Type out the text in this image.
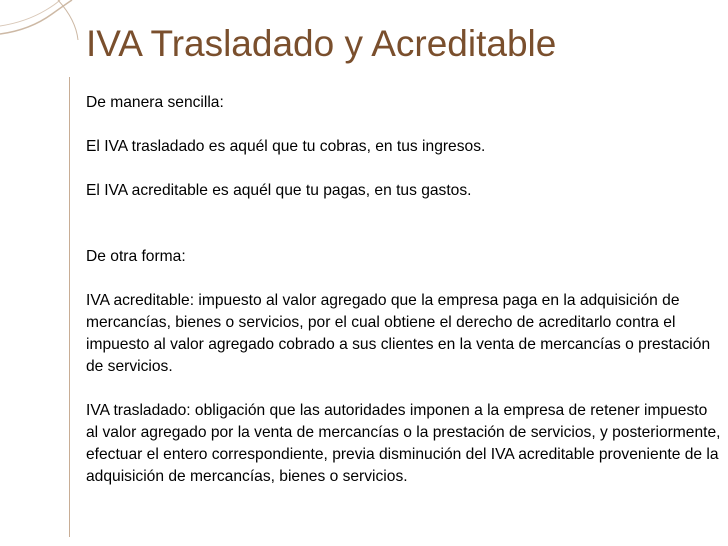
IVA Trasladado y Acreditable

De manera sencilla:

El IVA trasladado es aquél que tu cobras, en tus ingresos.

El IVA acreditable es aquél que tu pagas, en tus gastos.

De otra forma:

IVA acreditable: impuesto al valor agregado que la empresa paga en la adquisición de mercancías, bienes o servicios, por el cual obtiene el derecho de acreditarlo contra el impuesto al valor agregado cobrado a sus clientes en la venta de mercancías o prestación de servicios.

IVA trasladado: obligación que las autoridades imponen a la empresa de retener impuesto al valor agregado por la venta de mercancías o la prestación de servicios, y posteriormente, efectuar el entero correspondiente, previa disminución del IVA acreditable proveniente de la adquisición de mercancías, bienes o servicios.
